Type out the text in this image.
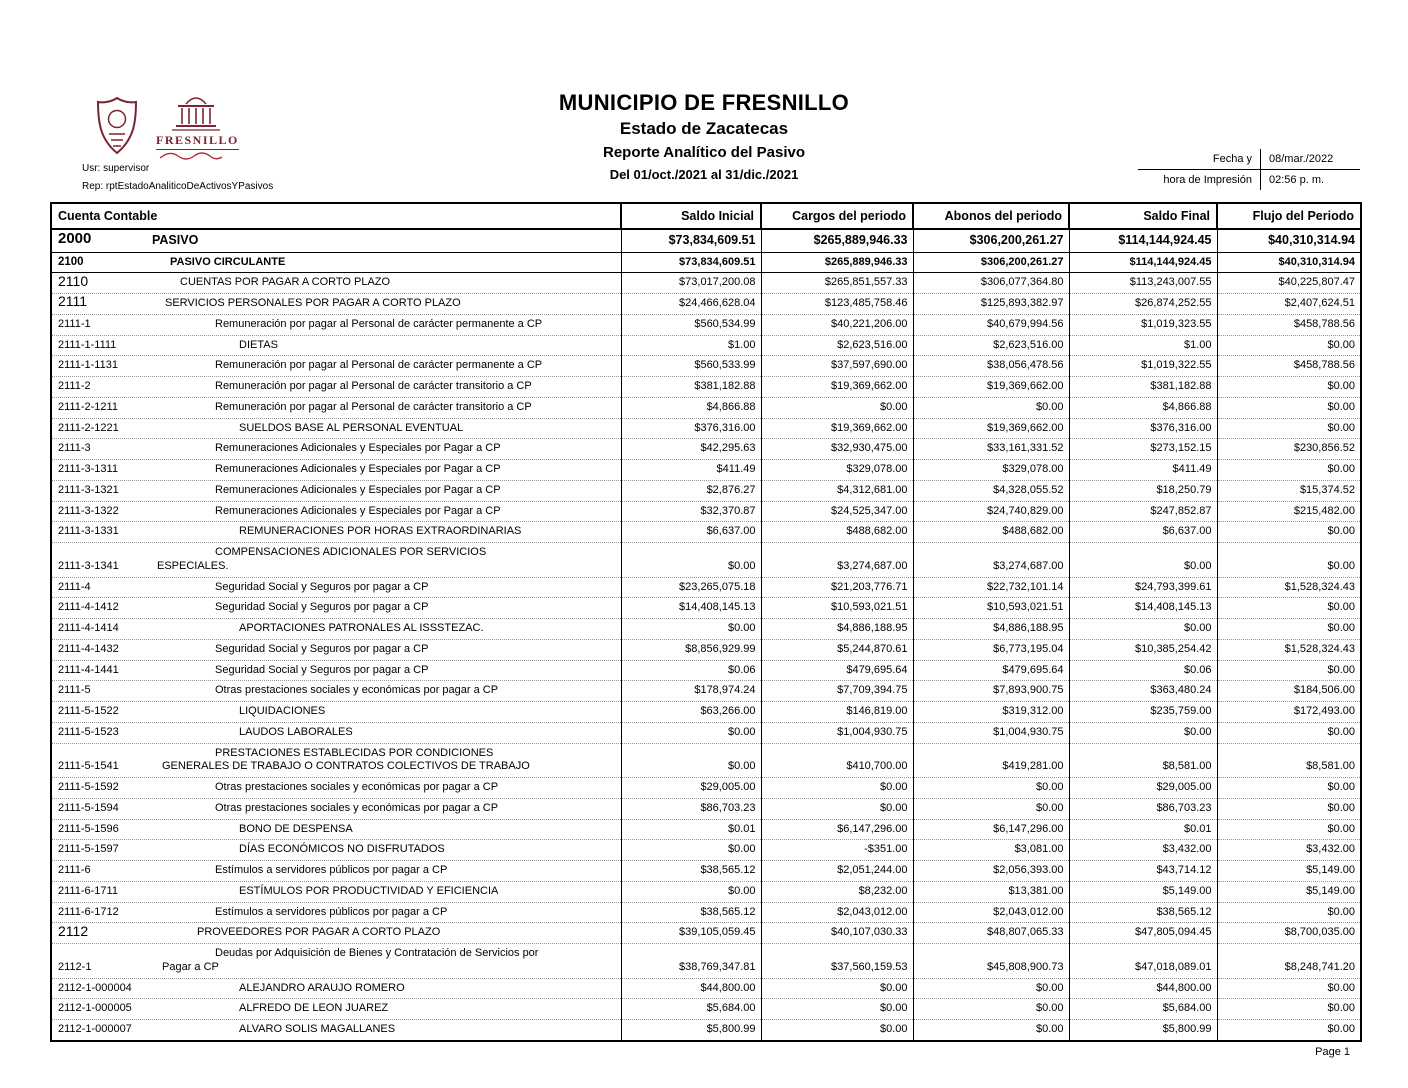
FRESNILLO
MUNICIPIO DE FRESNILLO
Estado de Zacatecas
Reporte Analítico del Pasivo
Del 01/oct./2021 al 31/dic./2021
Usr: supervisor
Rep: rptEstadoAnaliticoDeActivosYPasivos
Fecha y	08/mar./2022
hora de Impresión	02:56 p. m.
Cuenta Contable	Saldo Inicial	Cargos del periodo	Abonos del periodo	Saldo Final	Flujo del Periodo

2000 PASIVO	$73,834,609.51	$265,889,946.33	$306,200,261.27	$114,144,924.45	$40,310,314.94

2100 PASIVO CIRCULANTE	$73,834,609.51	$265,889,946.33	$306,200,261.27	$114,144,924.45	$40,310,314.94

2110 CUENTAS POR PAGAR A CORTO PLAZO	$73,017,200.08	$265,851,557.33	$306,077,364.80	$113,243,007.55	$40,225,807.47

2111 SERVICIOS PERSONALES POR PAGAR A CORTO PLAZO	$24,466,628.04	$123,485,758.46	$125,893,382.97	$26,874,252.55	$2,407,624.51

2111-1 Remuneración por pagar al Personal de carácter permanente a CP	$560,534.99	$40,221,206.00	$40,679,994.56	$1,019,323.55	$458,788.56

2111-1-1111 DIETAS	$1.00	$2,623,516.00	$2,623,516.00	$1.00	$0.00

2111-1-1131 Remuneración por pagar al Personal de carácter permanente a CP	$560,533.99	$37,597,690.00	$38,056,478.56	$1,019,322.55	$458,788.56

2111-2 Remuneración por pagar al Personal de carácter transitorio a CP	$381,182.88	$19,369,662.00	$19,369,662.00	$381,182.88	$0.00

2111-2-1211 Remuneración por pagar al Personal de carácter transitorio a CP	$4,866.88	$0.00	$0.00	$4,866.88	$0.00

2111-2-1221 SUELDOS BASE AL PERSONAL EVENTUAL	$376,316.00	$19,369,662.00	$19,369,662.00	$376,316.00	$0.00

2111-3 Remuneraciones Adicionales y Especiales por Pagar a CP	$42,295.63	$32,930,475.00	$33,161,331.52	$273,152.15	$230,856.52

2111-3-1311 Remuneraciones Adicionales y Especiales por Pagar a CP	$411.49	$329,078.00	$329,078.00	$411.49	$0.00

2111-3-1321 Remuneraciones Adicionales y Especiales por Pagar a CP	$2,876.27	$4,312,681.00	$4,328,055.52	$18,250.79	$15,374.52

2111-3-1322 Remuneraciones Adicionales y Especiales por Pagar a CP	$32,370.87	$24,525,347.00	$24,740,829.00	$247,852.87	$215,482.00

2111-3-1331 REMUNERACIONES POR HORAS EXTRAORDINARIAS	$6,637.00	$488,682.00	$488,682.00	$6,637.00	$0.00

2111-3-1341
COMPENSACIONES ADICIONALES POR SERVICIOS
ESPECIALES.	$0.00	$3,274,687.00	$3,274,687.00	$0.00	$0.00

2111-4 Seguridad Social y Seguros por pagar a CP	$23,265,075.18	$21,203,776.71	$22,732,101.14	$24,793,399.61	$1,528,324.43

2111-4-1412 Seguridad Social y Seguros por pagar a CP	$14,408,145.13	$10,593,021.51	$10,593,021.51	$14,408,145.13	$0.00

2111-4-1414 APORTACIONES PATRONALES AL ISSSTEZAC.	$0.00	$4,886,188.95	$4,886,188.95	$0.00	$0.00

2111-4-1432 Seguridad Social y Seguros por pagar a CP	$8,856,929.99	$5,244,870.61	$6,773,195.04	$10,385,254.42	$1,528,324.43

2111-4-1441 Seguridad Social y Seguros por pagar a CP	$0.06	$479,695.64	$479,695.64	$0.06	$0.00

2111-5 Otras prestaciones sociales y económicas por pagar a CP	$178,974.24	$7,709,394.75	$7,893,900.75	$363,480.24	$184,506.00

2111-5-1522 LIQUIDACIONES	$63,266.00	$146,819.00	$319,312.00	$235,759.00	$172,493.00

2111-5-1523 LAUDOS LABORALES	$0.00	$1,004,930.75	$1,004,930.75	$0.00	$0.00

2111-5-1541
PRESTACIONES ESTABLECIDAS POR CONDICIONES
GENERALES DE TRABAJO O CONTRATOS COLECTIVOS DE TRABAJO	$0.00	$410,700.00	$419,281.00	$8,581.00	$8,581.00

2111-5-1592 Otras prestaciones sociales y económicas por pagar a CP	$29,005.00	$0.00	$0.00	$29,005.00	$0.00

2111-5-1594 Otras prestaciones sociales y económicas por pagar a CP	$86,703.23	$0.00	$0.00	$86,703.23	$0.00

2111-5-1596 BONO DE DESPENSA	$0.01	$6,147,296.00	$6,147,296.00	$0.01	$0.00

2111-5-1597 DÍAS ECONÓMICOS NO DISFRUTADOS	$0.00	-$351.00	$3,081.00	$3,432.00	$3,432.00

2111-6 Estímulos a servidores públicos por pagar a CP	$38,565.12	$2,051,244.00	$2,056,393.00	$43,714.12	$5,149.00

2111-6-1711 ESTÍMULOS POR PRODUCTIVIDAD Y EFICIENCIA	$0.00	$8,232.00	$13,381.00	$5,149.00	$5,149.00

2111-6-1712 Estímulos a servidores públicos por pagar a CP	$38,565.12	$2,043,012.00	$2,043,012.00	$38,565.12	$0.00

2112 PROVEEDORES POR PAGAR A CORTO PLAZO	$39,105,059.45	$40,107,030.33	$48,807,065.33	$47,805,094.45	$8,700,035.00

2112-1
Deudas por Adquisición de Bienes y Contratación de Servicios por
Pagar a CP	$38,769,347.81	$37,560,159.53	$45,808,900.73	$47,018,089.01	$8,248,741.20

2112-1-000004 ALEJANDRO ARAUJO ROMERO	$44,800.00	$0.00	$0.00	$44,800.00	$0.00

2112-1-000005 ALFREDO DE LEON JUAREZ	$5,684.00	$0.00	$0.00	$5,684.00	$0.00

2112-1-000007 ALVARO SOLIS MAGALLANES	$5,800.99	$0.00	$0.00	$5,800.99	$0.00
Page 1
